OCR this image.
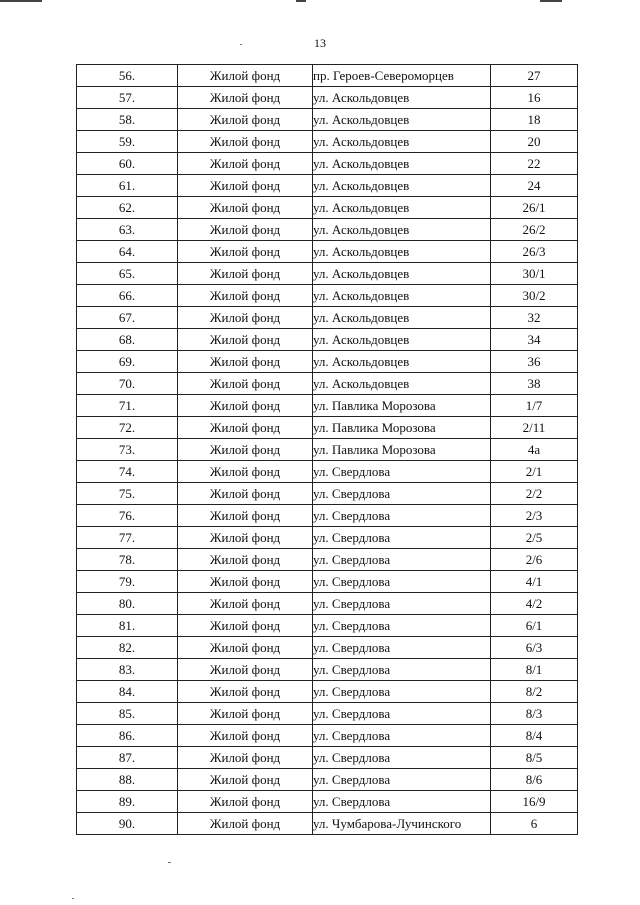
13
56.	Жилой фонд	пр. Героев-Североморцев	27
57.	Жилой фонд	ул. Аскольдовцев	16
58.	Жилой фонд	ул. Аскольдовцев	18
59.	Жилой фонд	ул. Аскольдовцев	20
60.	Жилой фонд	ул. Аскольдовцев	22
61.	Жилой фонд	ул. Аскольдовцев	24
62.	Жилой фонд	ул. Аскольдовцев	26/1
63.	Жилой фонд	ул. Аскольдовцев	26/2
64.	Жилой фонд	ул. Аскольдовцев	26/3
65.	Жилой фонд	ул. Аскольдовцев	30/1
66.	Жилой фонд	ул. Аскольдовцев	30/2
67.	Жилой фонд	ул. Аскольдовцев	32
68.	Жилой фонд	ул. Аскольдовцев	34
69.	Жилой фонд	ул. Аскольдовцев	36
70.	Жилой фонд	ул. Аскольдовцев	38
71.	Жилой фонд	ул. Павлика Морозова	1/7
72.	Жилой фонд	ул. Павлика Морозова	2/11
73.	Жилой фонд	ул. Павлика Морозова	4а
74.	Жилой фонд	ул. Свердлова	2/1
75.	Жилой фонд	ул. Свердлова	2/2
76.	Жилой фонд	ул. Свердлова	2/3
77.	Жилой фонд	ул. Свердлова	2/5
78.	Жилой фонд	ул. Свердлова	2/6
79.	Жилой фонд	ул. Свердлова	4/1
80.	Жилой фонд	ул. Свердлова	4/2
81.	Жилой фонд	ул. Свердлова	6/1
82.	Жилой фонд	ул. Свердлова	6/3
83.	Жилой фонд	ул. Свердлова	8/1
84.	Жилой фонд	ул. Свердлова	8/2
85.	Жилой фонд	ул. Свердлова	8/3
86.	Жилой фонд	ул. Свердлова	8/4
87.	Жилой фонд	ул. Свердлова	8/5
88.	Жилой фонд	ул. Свердлова	8/6
89.	Жилой фонд	ул. Свердлова	16/9
90.	Жилой фонд	ул. Чумбарова-Лучинского	6
